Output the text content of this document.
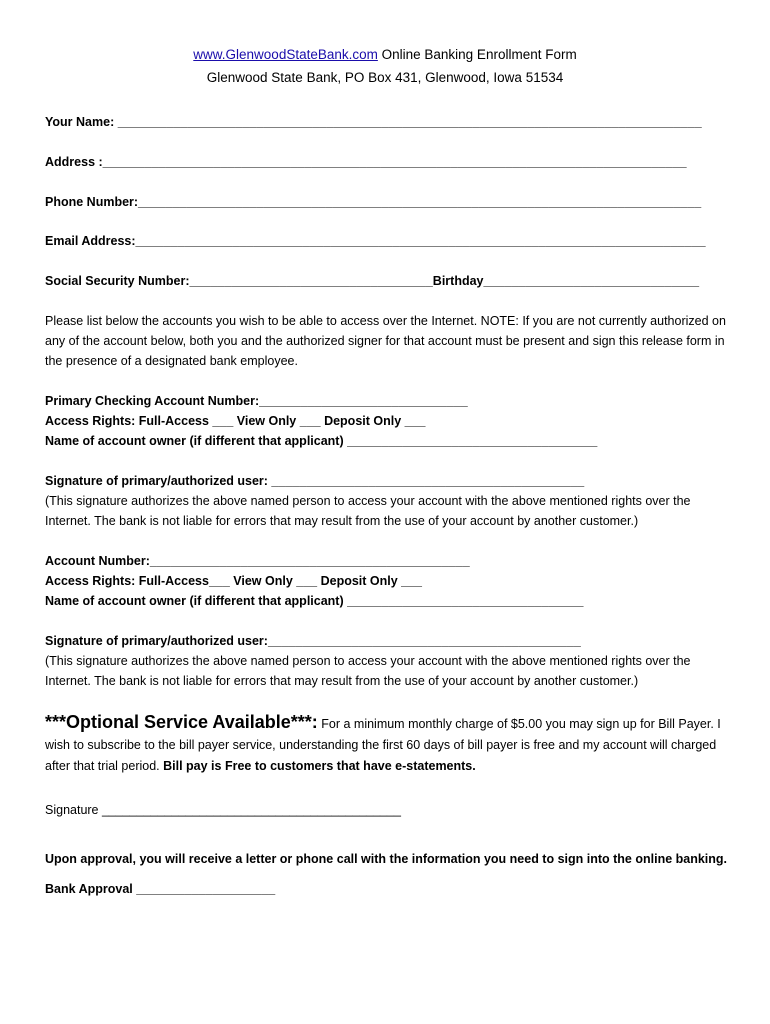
www.GlenwoodStateBank.com Online Banking Enrollment Form
Glenwood State Bank, PO Box 431, Glenwood, Iowa 51534
Your Name: ____________________________________________________________________________________
Address :____________________________________________________________________________________
Phone Number:_________________________________________________________________________________
Email Address:__________________________________________________________________________________
Social Security Number:___________________________________Birthday_______________________________
Please list below the accounts you wish to be able to access over the Internet. NOTE: If you are not currently authorized on any of the account below, both you and the authorized signer for that account must be present and sign this release form in the presence of a designated bank employee.
Primary Checking Account Number:______________________________
Access Rights: Full-Access ___ View Only ___ Deposit Only ___
Name of account owner (if different that applicant) ____________________________________
Signature of primary/authorized user: _____________________________________________
(This signature authorizes the above named person to access your account with the above mentioned rights over the Internet. The bank is not liable for errors that may result from the use of your account by another customer.)
Account Number:______________________________________________
Access Rights: Full-Access___ View Only ___ Deposit Only ___
Name of account owner (if different that applicant) __________________________________
Signature of primary/authorized user:_____________________________________________
(This signature authorizes the above named person to access your account with the above mentioned rights over the Internet. The bank is not liable for errors that may result from the use of your account by another customer.)
***Optional Service Available***: For a minimum monthly charge of $5.00 you may sign up for Bill Payer. I wish to subscribe to the bill payer service, understanding the first 60 days of bill payer is free and my account will charged after that trial period. Bill pay is Free to customers that have e-statements.
Signature ___________________________________________
Upon approval, you will receive a letter or phone call with the information you need to sign into the online banking.
Bank Approval ____________________
